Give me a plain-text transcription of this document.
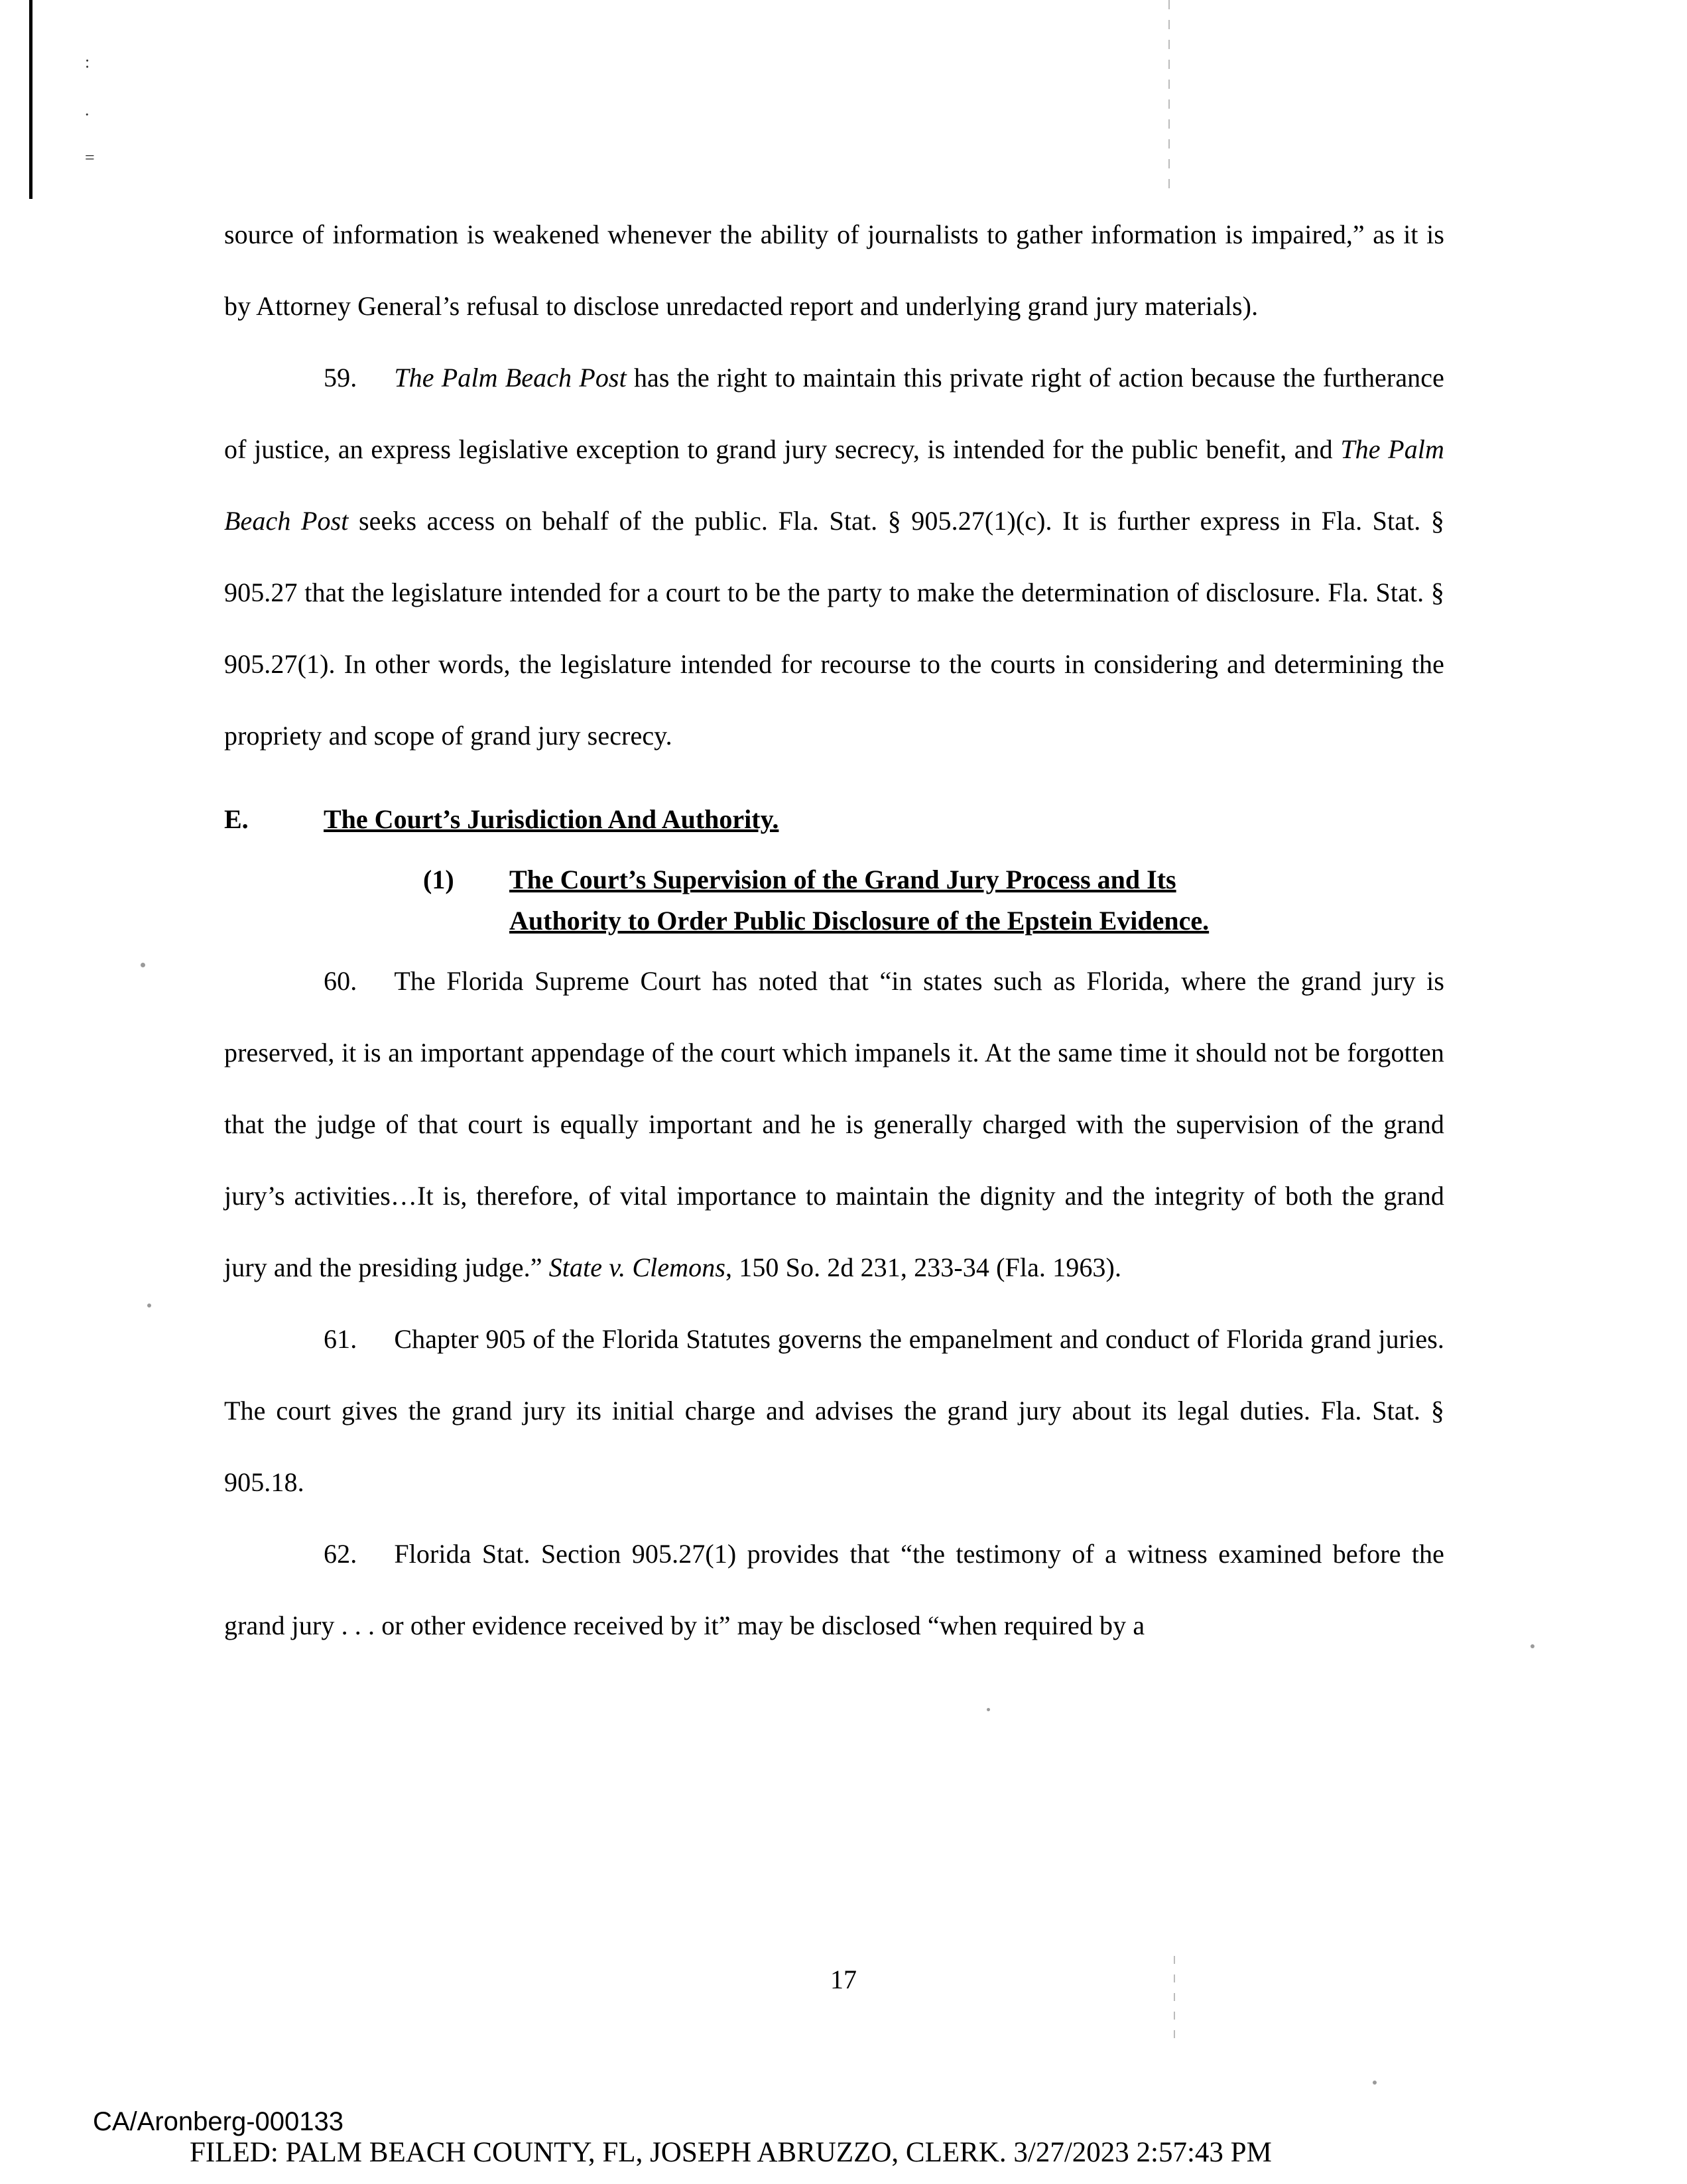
:
.
=

source of information is weakened whenever the ability of journalists to gather information is impaired,” as it is by Attorney General’s refusal to disclose unredacted report and underlying grand jury materials).

59. The Palm Beach Post has the right to maintain this private right of action because the furtherance of justice, an express legislative exception to grand jury secrecy, is intended for the public benefit, and The Palm Beach Post seeks access on behalf of the public. Fla. Stat. § 905.27(1)(c). It is further express in Fla. Stat. § 905.27 that the legislature intended for a court to be the party to make the determination of disclosure. Fla. Stat. § 905.27(1). In other words, the legislature intended for recourse to the courts in considering and determining the propriety and scope of grand jury secrecy.

E.	The Court’s Jurisdiction And Authority.

(1) The Court’s Supervision of the Grand Jury Process and Its
Authority to Order Public Disclosure of the Epstein Evidence.

60. The Florida Supreme Court has noted that “in states such as Florida, where the grand jury is preserved, it is an important appendage of the court which impanels it. At the same time it should not be forgotten that the judge of that court is equally important and he is generally charged with the supervision of the grand jury’s activities…It is, therefore, of vital importance to maintain the dignity and the integrity of both the grand jury and the presiding judge.” State v. Clemons, 150 So. 2d 231, 233-34 (Fla. 1963).

61. Chapter 905 of the Florida Statutes governs the empanelment and conduct of Florida grand juries. The court gives the grand jury its initial charge and advises the grand jury about its legal duties. Fla. Stat. § 905.18.

62. Florida Stat. Section 905.27(1) provides that “the testimony of a witness examined before the grand jury . . . or other evidence received by it” may be disclosed “when required by a

17
CA/Aronberg-000133
FILED: PALM BEACH COUNTY, FL, JOSEPH ABRUZZO, CLERK. 3/27/2023 2:57:43 PM
